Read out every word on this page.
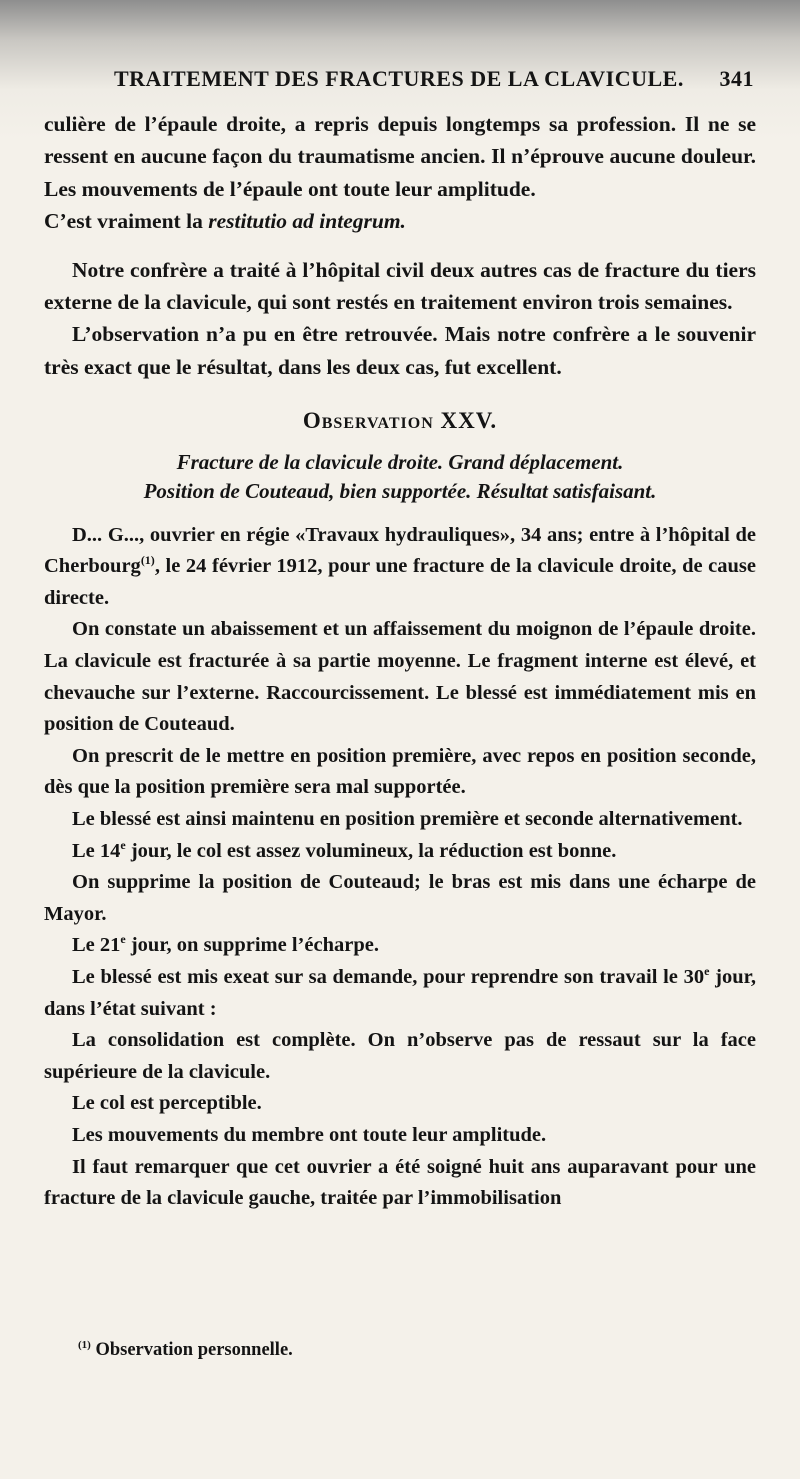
TRAITEMENT DES FRACTURES DE LA CLAVICULE. 341

culière de l’épaule droite, a repris depuis longtemps sa profession. Il ne se ressent en aucune façon du traumatisme ancien. Il n’éprouve aucune douleur. Les mouvements de l’épaule ont toute leur amplitude.

C’est vraiment la restitutio ad integrum.

Notre confrère a traité à l’hôpital civil deux autres cas de fracture du tiers externe de la clavicule, qui sont restés en traitement environ trois semaines.

L’observation n’a pu en être retrouvée. Mais notre confrère a le souvenir très exact que le résultat, dans les deux cas, fut excellent.

Observation XXV.
Fracture de la clavicule droite. Grand déplacement.
Position de Couteaud, bien supportée. Résultat satisfaisant.

D... G..., ouvrier en régie «Travaux hydrauliques», 34 ans; entre à l’hôpital de Cherbourg$^{(1)}$, le 24 février 1912, pour une fracture de la clavicule droite, de cause directe.

On constate un abaissement et un affaissement du moignon de l’épaule droite. La clavicule est fracturée à sa partie moyenne. Le fragment interne est élevé, et chevauche sur l’externe. Raccourcissement. Le blessé est immédiatement mis en position de Couteaud.

On prescrit de le mettre en position première, avec repos en position seconde, dès que la position première sera mal supportée.

Le blessé est ainsi maintenu en position première et seconde alternativement.

Le 14e jour, le col est assez volumineux, la réduction est bonne.

On supprime la position de Couteaud; le bras est mis dans une écharpe de Mayor.

Le 21e jour, on supprime l’écharpe.

Le blessé est mis exeat sur sa demande, pour reprendre son travail le 30e jour, dans l’état suivant :

La consolidation est complète. On n’observe pas de ressaut sur la face supérieure de la clavicule.

Le col est perceptible.

Les mouvements du membre ont toute leur amplitude.

Il faut remarquer que cet ouvrier a été soigné huit ans auparavant pour une fracture de la clavicule gauche, traitée par l’immobilisation

$^{(1)}$ Observation personnelle.
